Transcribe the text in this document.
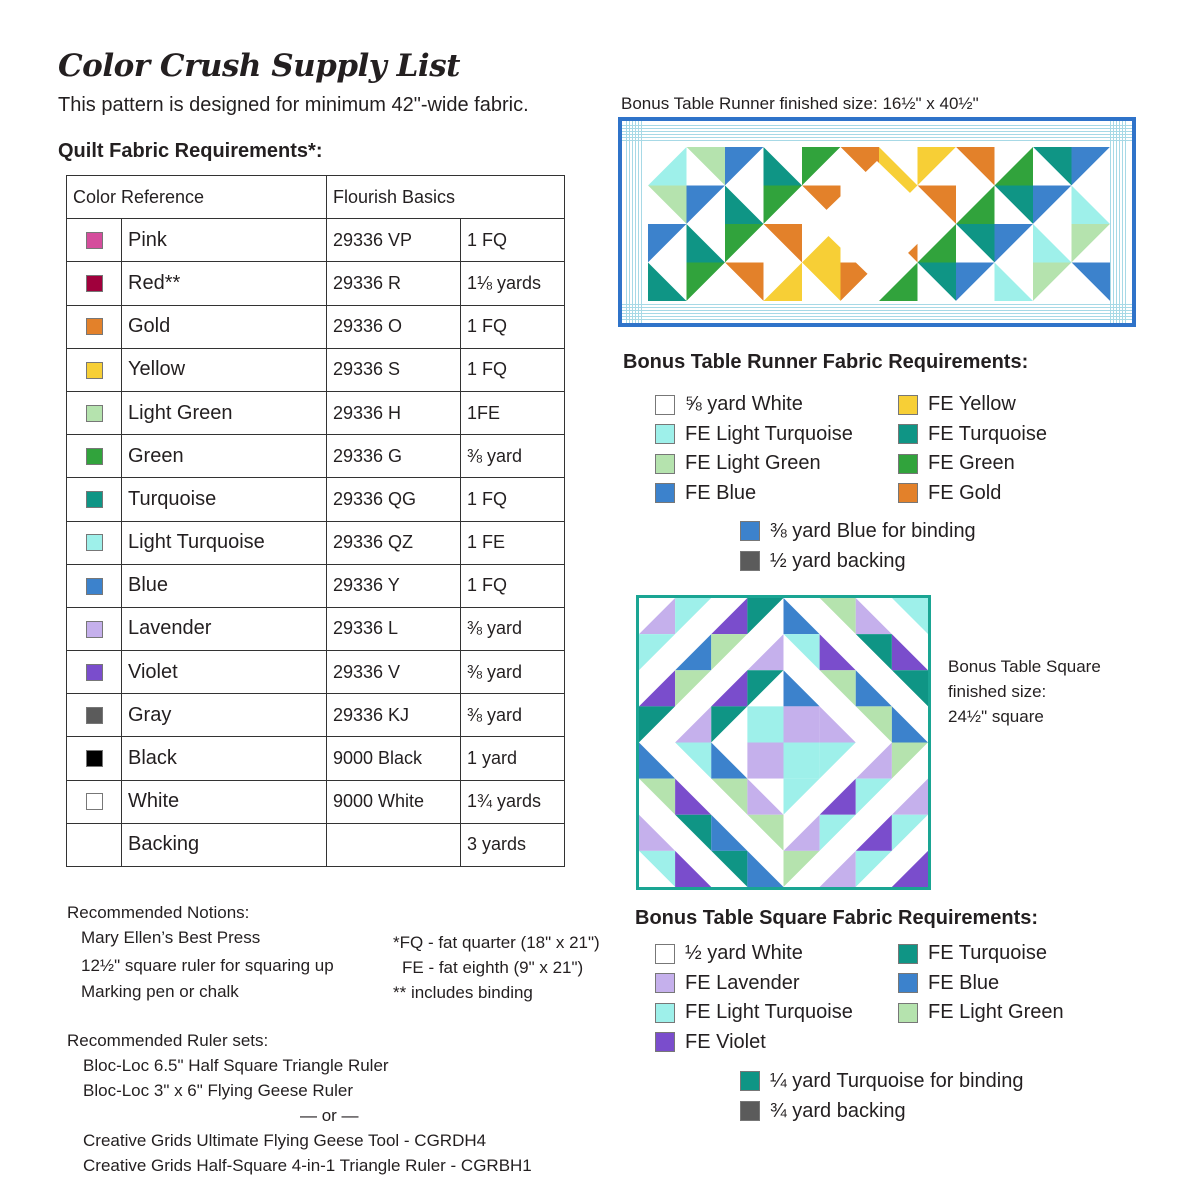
Color Crush Supply List
This pattern is designed for minimum 42"-wide fabric.
Quilt Fabric Requirements*:
Color Reference		Flourish Basics	
	Pink	29336 VP	1 FQ
	Red**	29336 R	1⅛ yards
	Gold	29336 O	1 FQ
	Yellow	29336 S	1 FQ
	Light Green	29336 H	1FE
	Green	29336 G	⅜ yard
	Turquoise	29336 QG	1 FQ
	Light Turquoise	29336 QZ	1 FE
	Blue	29336 Y	1 FQ
	Lavender	29336 L	⅜ yard
	Violet	29336 V	⅜ yard
	Gray	29336 KJ	⅜ yard
	Black	9000 Black	1 yard
	White	9000 White	1¾ yards
	Backing		3 yards
Recommended Notions:
Mary Ellen’s Best Press
12½" square ruler for squaring up
Marking pen or chalk
*FQ - fat quarter (18" x 21")
FE - fat eighth (9" x 21")
** includes binding
Recommended Ruler sets:
Bloc-Loc 6.5" Half Square Triangle Ruler
Bloc-Loc 3" x 6" Flying Geese Ruler
— or —
Creative Grids Ultimate Flying Geese Tool - CGRDH4
Creative Grids Half-Square 4-in-1 Triangle Ruler - CGRBH1
Bonus Table Runner finished size: 16½" x 40½"
Bonus Table Runner Fabric Requirements:
⅝ yard White
FE Light Turquoise
FE Light Green
FE Blue
FE Yellow
FE Turquoise
FE Green
FE Gold
⅜ yard Blue for binding
½ yard backing
Bonus Table Square
finished size:
24½" square
Bonus Table Square Fabric Requirements:
½ yard White
FE Lavender
FE Light Turquoise
FE Violet
FE Turquoise
FE Blue
FE Light Green
¼ yard Turquoise for binding
¾ yard backing
